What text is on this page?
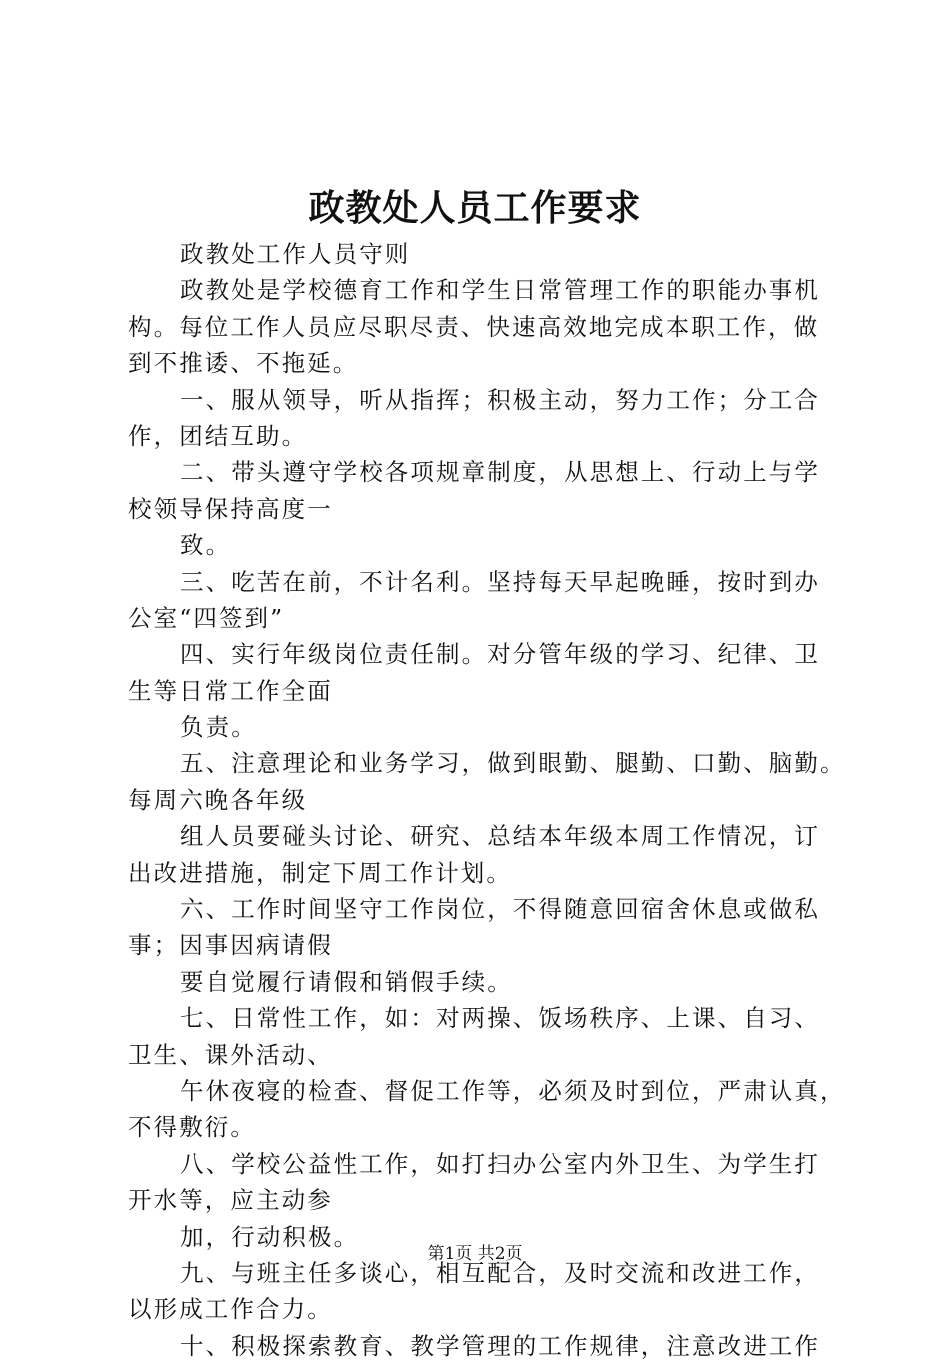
政教处人员工作要求
政教处工作人员守则
政教处是学校德育工作和学生日常管理工作的职能办事机
构。每位工作人员应尽职尽责、快速高效地完成本职工作，做
到不推诿、不拖延。
一、服从领导，听从指挥；积极主动，努力工作；分工合
作，团结互助。
二、带头遵守学校各项规章制度，从思想上、行动上与学
校领导保持高度一
致。
三、吃苦在前，不计名利。坚持每天早起晚睡，按时到办
公室“四签到”
四、实行年级岗位责任制。对分管年级的学习、纪律、卫
生等日常工作全面
负责。
五、注意理论和业务学习，做到眼勤、腿勤、口勤、脑勤。
每周六晚各年级
组人员要碰头讨论、研究、总结本年级本周工作情况，订
出改进措施，制定下周工作计划。
六、工作时间坚守工作岗位，不得随意回宿舍休息或做私
事；因事因病请假
要自觉履行请假和销假手续。
七、日常性工作，如：对两操、饭场秩序、上课、自习、
卫生、课外活动、
午休夜寝的检查、督促工作等，必须及时到位，严肃认真，
不得敷衍。
八、学校公益性工作，如打扫办公室内外卫生、为学生打
开水等，应主动参
加，行动积极。
九、与班主任多谈心，相互配合，及时交流和改进工作，
以形成工作合力。
十、积极探索教育、教学管理的工作规律，注意改进工作
第1页 共2页
